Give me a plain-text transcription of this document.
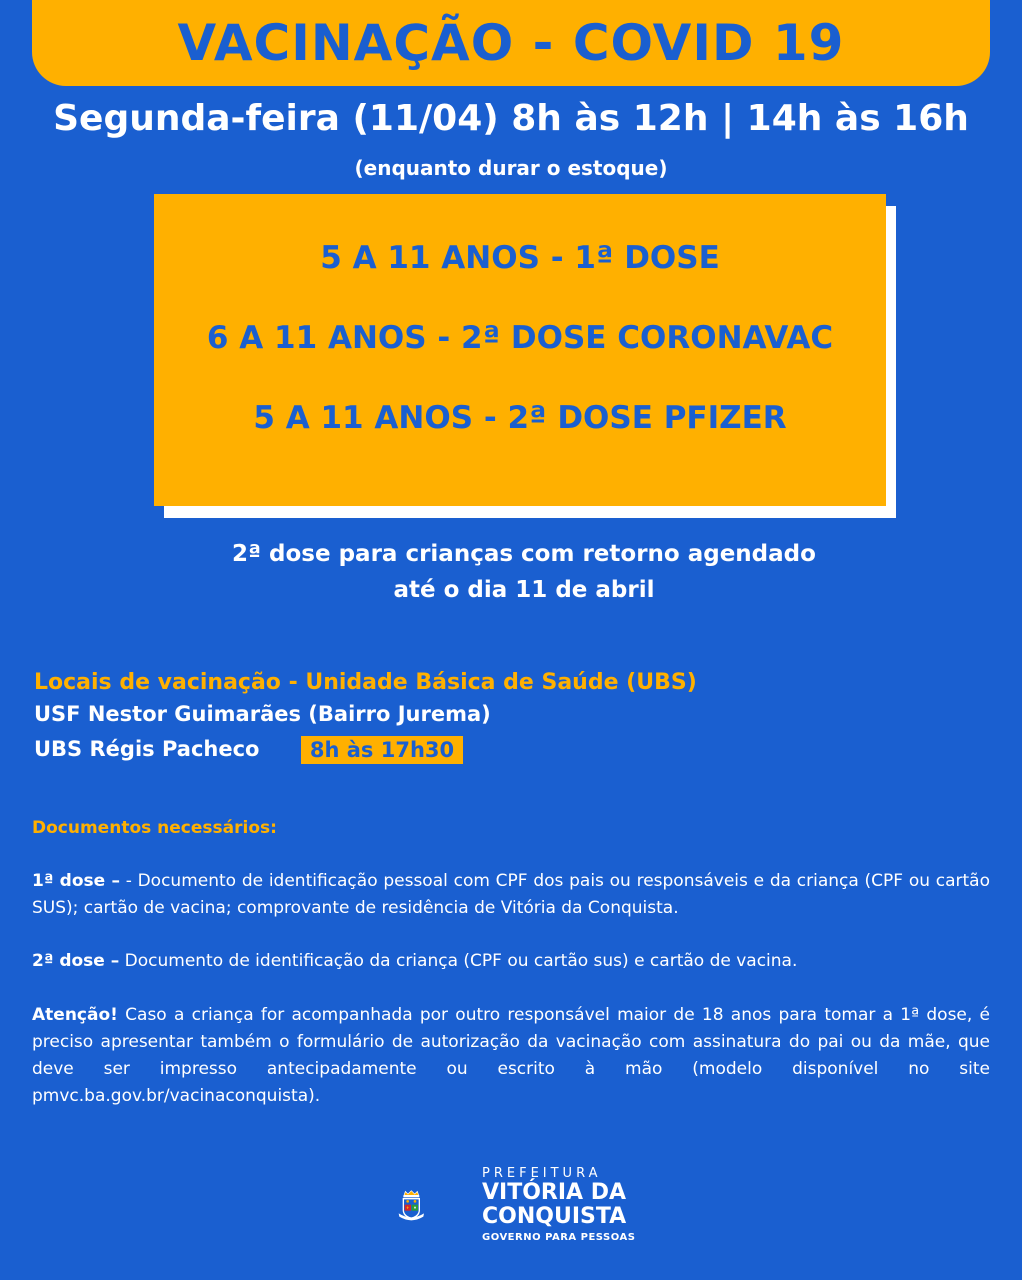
VACINAÇÃO - COVID 19
Segunda-feira (11/04) 8h às 12h | 14h às 16h
(enquanto durar o estoque)
5 A 11 ANOS - 1ª DOSE
6 A 11 ANOS - 2ª DOSE CORONAVAC
5 A 11 ANOS - 2ª DOSE PFIZER
2ª dose para crianças com retorno agendado
até o dia 11 de abril
Locais de vacinação - Unidade Básica de Saúde (UBS)
USF Nestor Guimarães (Bairro Jurema)
UBS Régis Pacheco	8h às 17h30
Documentos necessários:
1ª dose – - Documento de identificação pessoal com CPF dos pais ou responsáveis e da criança (CPF ou cartão SUS); cartão de vacina; comprovante de residência de Vitória da Conquista.
2ª dose – Documento de identificação da criança (CPF ou cartão sus) e cartão de vacina.
Atenção! Caso a criança for acompanhada por outro responsável maior de 18 anos para tomar a 1ª dose, é preciso apresentar também o formulário de autorização da vacinação com assinatura do pai ou da mãe, que deve ser impresso antecipadamente ou escrito à mão (modelo disponível no site pmvc.ba.gov.br/vacinaconquista).
PREFEITURA
VITÓRIA DA
CONQUISTA
GOVERNO PARA PESSOAS
